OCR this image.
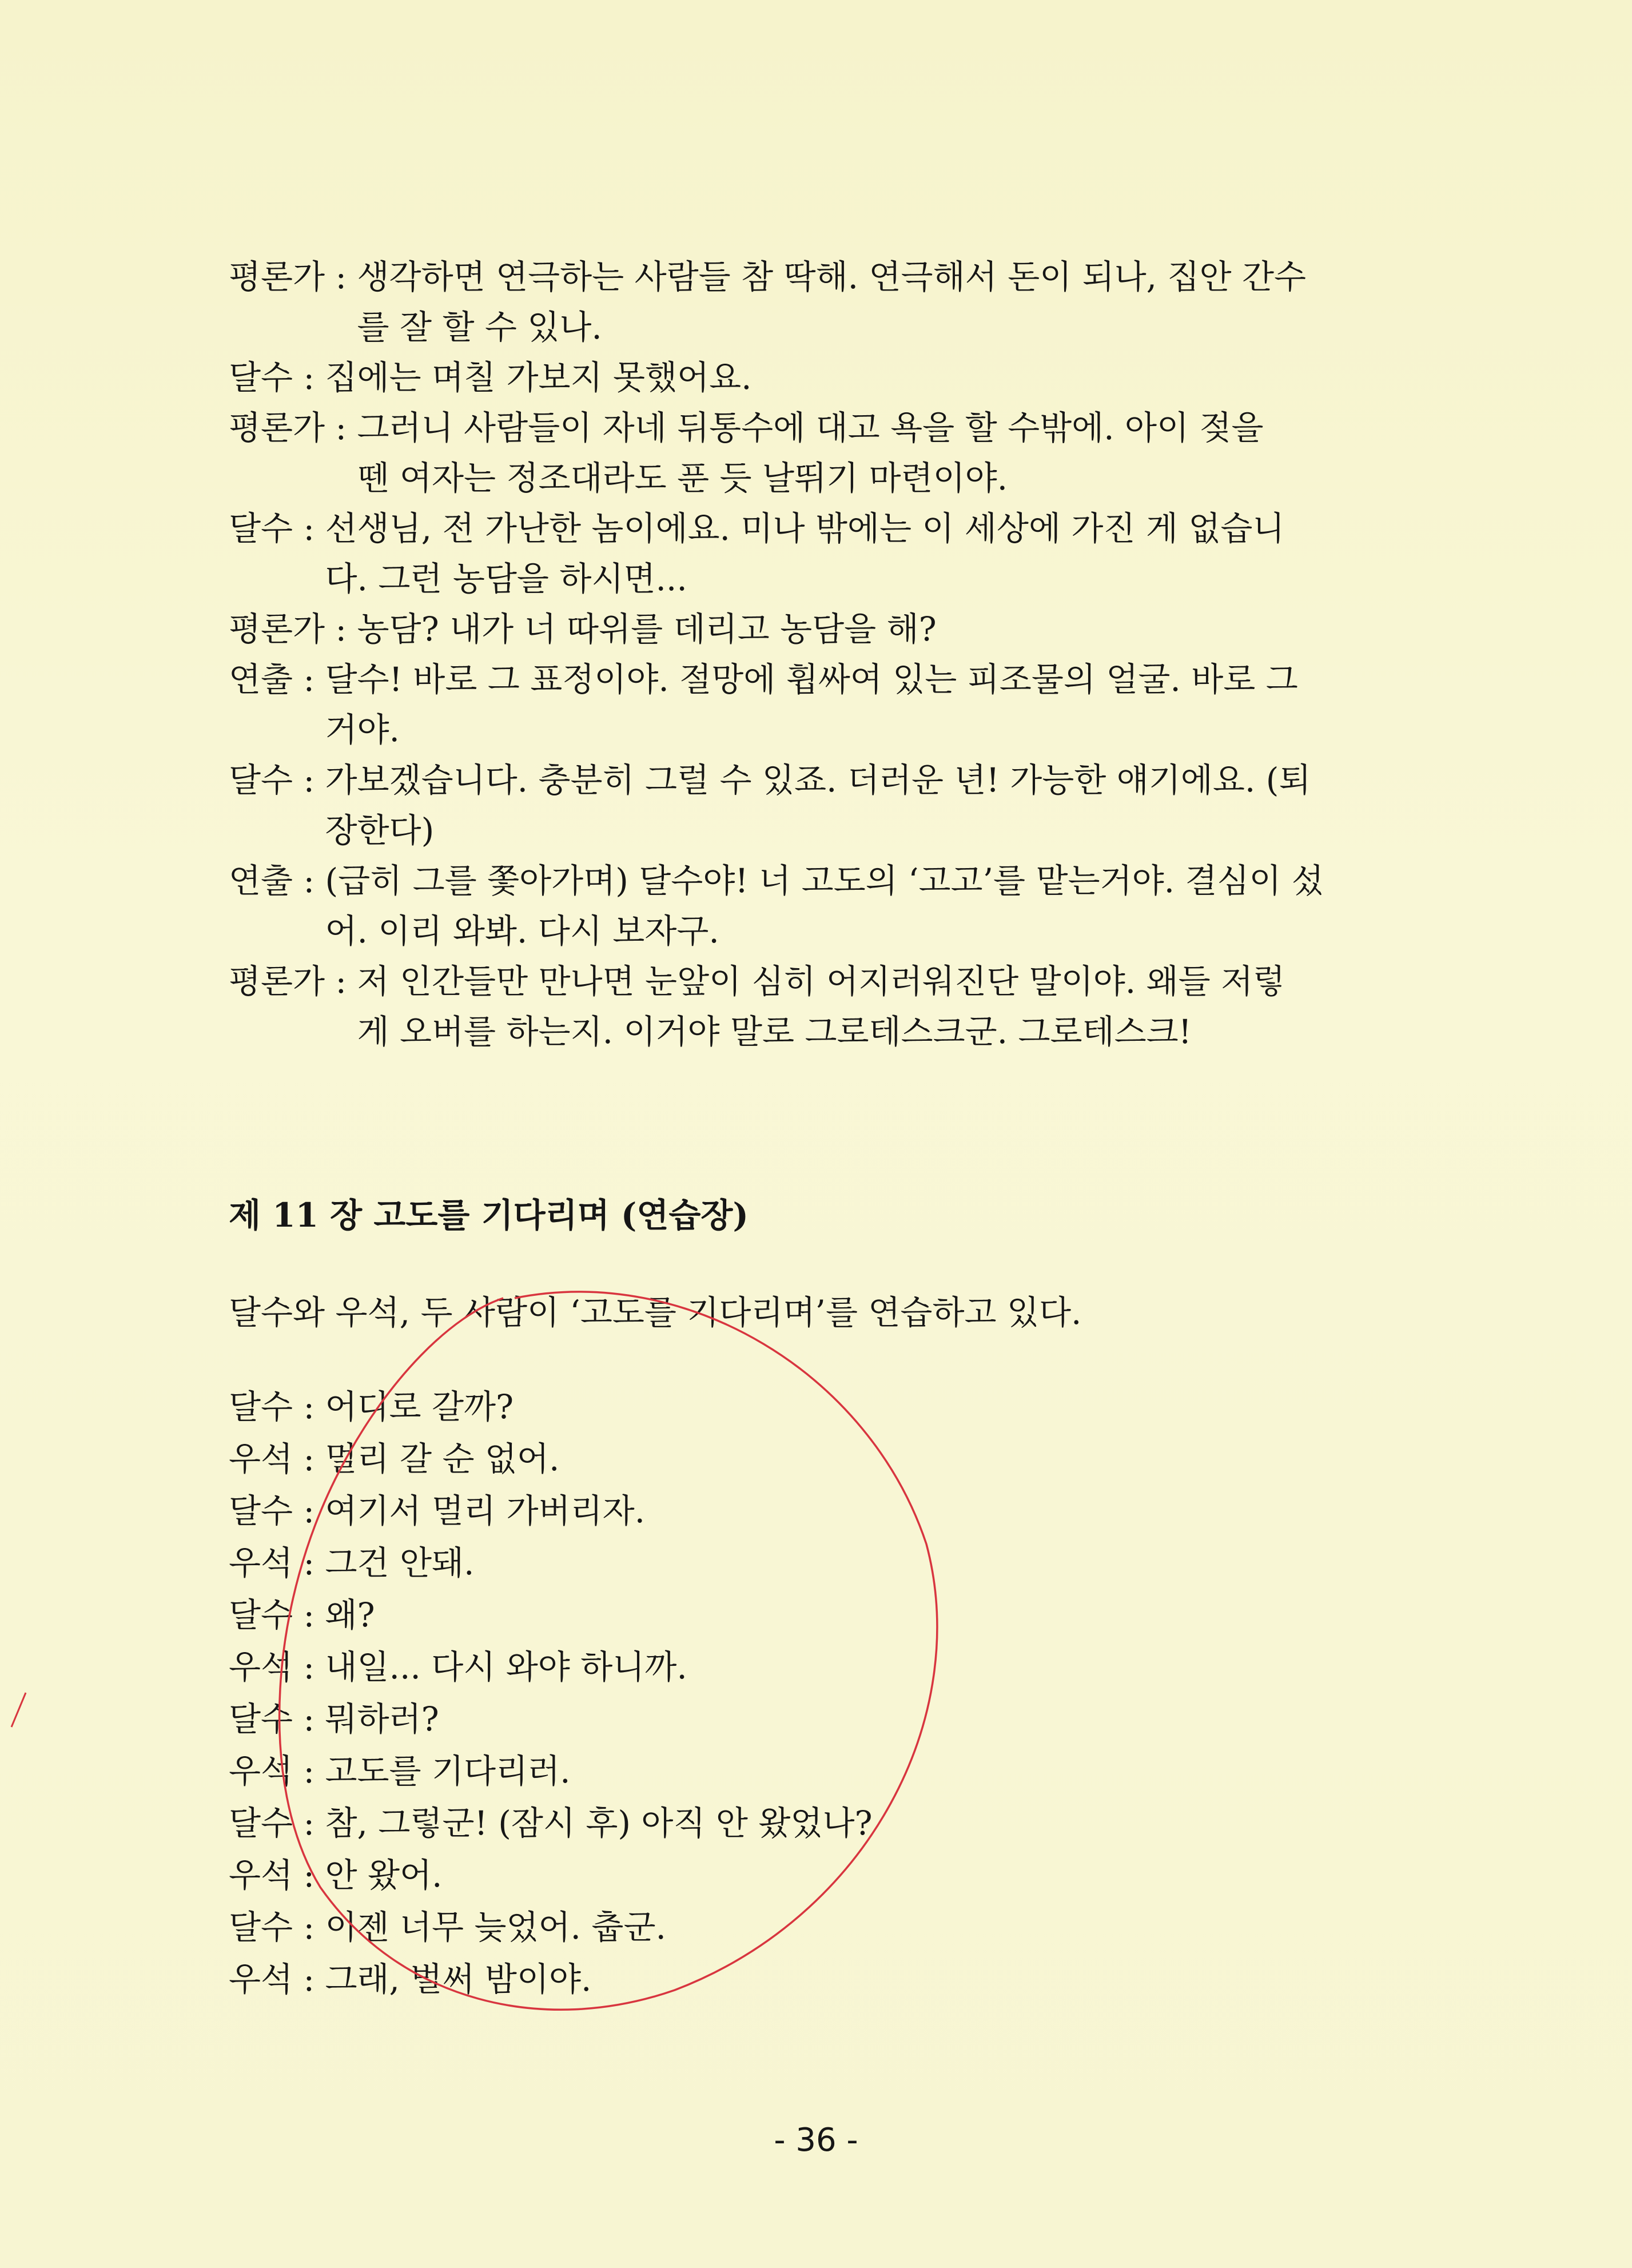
평론가 : 생각하면 연극하는 사람들 참 딱해. 연극해서 돈이 되나, 집안 간수
를 잘 할 수 있나.
달수 : 집에는 며칠 가보지 못했어요.
평론가 : 그러니 사람들이 자네 뒤통수에 대고 욕을 할 수밖에. 아이 젖을
뗀 여자는 정조대라도 푼 듯 날뛰기 마련이야.
달수 : 선생님, 전 가난한 놈이에요. 미나 밖에는 이 세상에 가진 게 없습니
다. 그런 농담을 하시면...
평론가 : 농담? 내가 너 따위를 데리고 농담을 해?
연출 : 달수! 바로 그 표정이야. 절망에 휩싸여 있는 피조물의 얼굴. 바로 그
거야.
달수 : 가보겠습니다. 충분히 그럴 수 있죠. 더러운 년! 가능한 얘기에요. (퇴
장한다)
연출 : (급히 그를 쫓아가며) 달수야! 너 고도의 ‘고고’를 맡는거야. 결심이 섰
어. 이리 와봐. 다시 보자구.
평론가 : 저 인간들만 만나면 눈앞이 심히 어지러워진단 말이야. 왜들 저렇
게 오버를 하는지. 이거야 말로 그로테스크군. 그로테스크!
제 11 장 고도를 기다리며 (연습장)
달수와 우석, 두 사람이 ‘고도를 기다리며’를 연습하고 있다.
달수 : 어디로 갈까?
우석 : 멀리 갈 순 없어.
달수 : 여기서 멀리 가버리자.
우석 : 그건 안돼.
달수 : 왜?
우석 : 내일... 다시 와야 하니까.
달수 : 뭐하러?
우석 : 고도를 기다리러.
달수 : 참, 그렇군! (잠시 후) 아직 안 왔었나?
우석 : 안 왔어.
달수 : 이젠 너무 늦었어. 춥군.
우석 : 그래, 벌써 밤이야.
- 36 -
